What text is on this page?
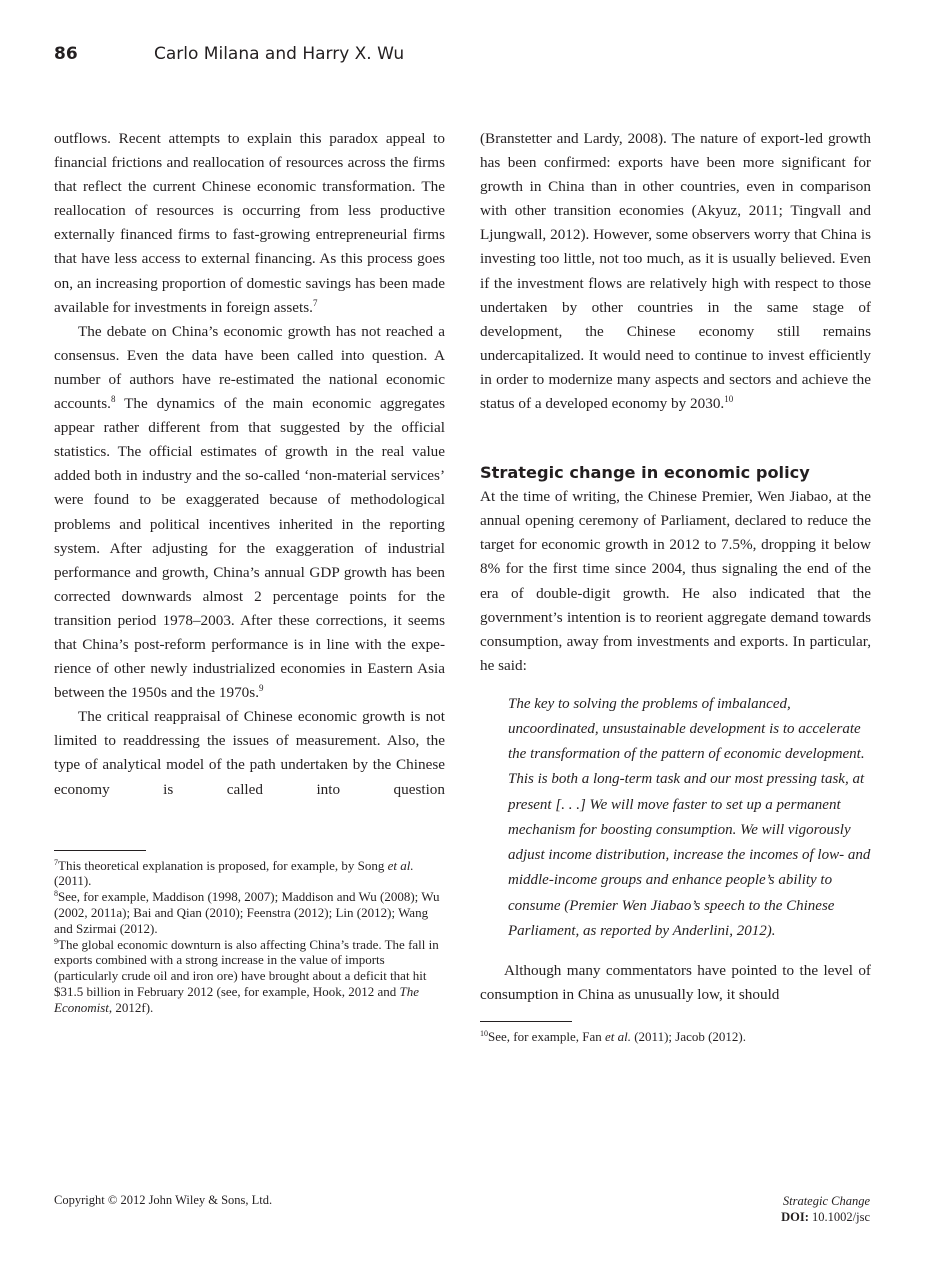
86	Carlo Milana and Harry X. Wu

outflows. Recent attempts to explain this paradox appeal to financial frictions and reallocation of resources across the firms that reflect the current Chinese economic transformation. The reallocation of resources is occurring from less productive externally financed firms to fast-growing entrepreneurial firms that have less access to external financing. As this process goes on, an increasing proportion of domestic savings has been made available for investments in foreign assets.$^7$

The debate on China’s economic growth has not reached a consensus. Even the data have been called into question. A number of authors have re-estimated the national economic accounts.$^8$ The dynamics of the main economic aggregates appear rather different from that suggested by the official statistics. The official estimates of growth in the real value added both in industry and the so-called ‘non-material services’ were found to be exaggerated because of methodological problems and political incentives inherited in the reporting system. After adjusting for the exaggeration of industrial performance and growth, China’s annual GDP growth has been corrected downwards almost 2 percentage points for the transition period 1978–2003. After these corrections, it seems that China’s post-reform performance is in line with the experience of other newly industrialized economies in Eastern Asia between the 1950s and the 1970s.$^9$

The critical reappraisal of Chinese economic growth is not limited to readdressing the issues of measurement. Also, the type of analytical model of the path undertaken by the Chinese economy is called into question

$^7$This theoretical explanation is proposed, for example, by Song et al. (2011).

$^8$See, for example, Maddison (1998, 2007); Maddison and Wu (2008); Wu (2002, 2011a); Bai and Qian (2010); Feenstra (2012); Lin (2012); Wang and Szirmai (2012).

$^9$The global economic downturn is also affecting China’s trade. The fall in exports combined with a strong increase in the value of imports (particularly crude oil and iron ore) have brought about a deficit that hit $31.5 billion in February 2012 (see, for example, Hook, 2012 and The Economist, 2012f).

(Branstetter and Lardy, 2008). The nature of export-led growth has been confirmed: exports have been more significant for growth in China than in other countries, even in comparison with other transition economies (Akyuz, 2011; Tingvall and Ljungwall, 2012). However, some observers worry that China is investing too little, not too much, as it is usually believed. Even if the investment flows are relatively high with respect to those undertaken by other countries in the same stage of development, the Chinese economy still remains undercapitalized. It would need to continue to invest efficiently in order to modernize many aspects and sectors and achieve the status of a developed economy by 2030.10

Strategic change in economic policy

At the time of writing, the Chinese Premier, Wen Jiabao, at the annual opening ceremony of Parliament, declared to reduce the target for economic growth in 2012 to 7.5%, dropping it below 8% for the first time since 2004, thus signaling the end of the era of double-digit growth. He also indicated that the government’s intention is to reorient aggregate demand towards consumption, away from investments and exports. In particular, he said:

The key to solving the problems of imbalanced, uncoordinated, unsustainable development is to accelerate the transformation of the pattern of economic development. This is both a long-term task and our most pressing task, at present [. . .] We will move faster to set up a permanent mechanism for boosting consumption. We will vigorously adjust income distribution, increase the incomes of low- and middle-income groups and enhance people’s ability to consume (Premier Wen Jiabao’s speech to the Chinese Parliament, as reported by Anderlini, 2012).

Although many commentators have pointed to the level of consumption in China as unusually low, it should

$^{10}$See, for example, Fan et al. (2011); Jacob (2012).

Copyright © 2012 John Wiley & Sons, Ltd.	Strategic Change
DOI: 10.1002/jsc
